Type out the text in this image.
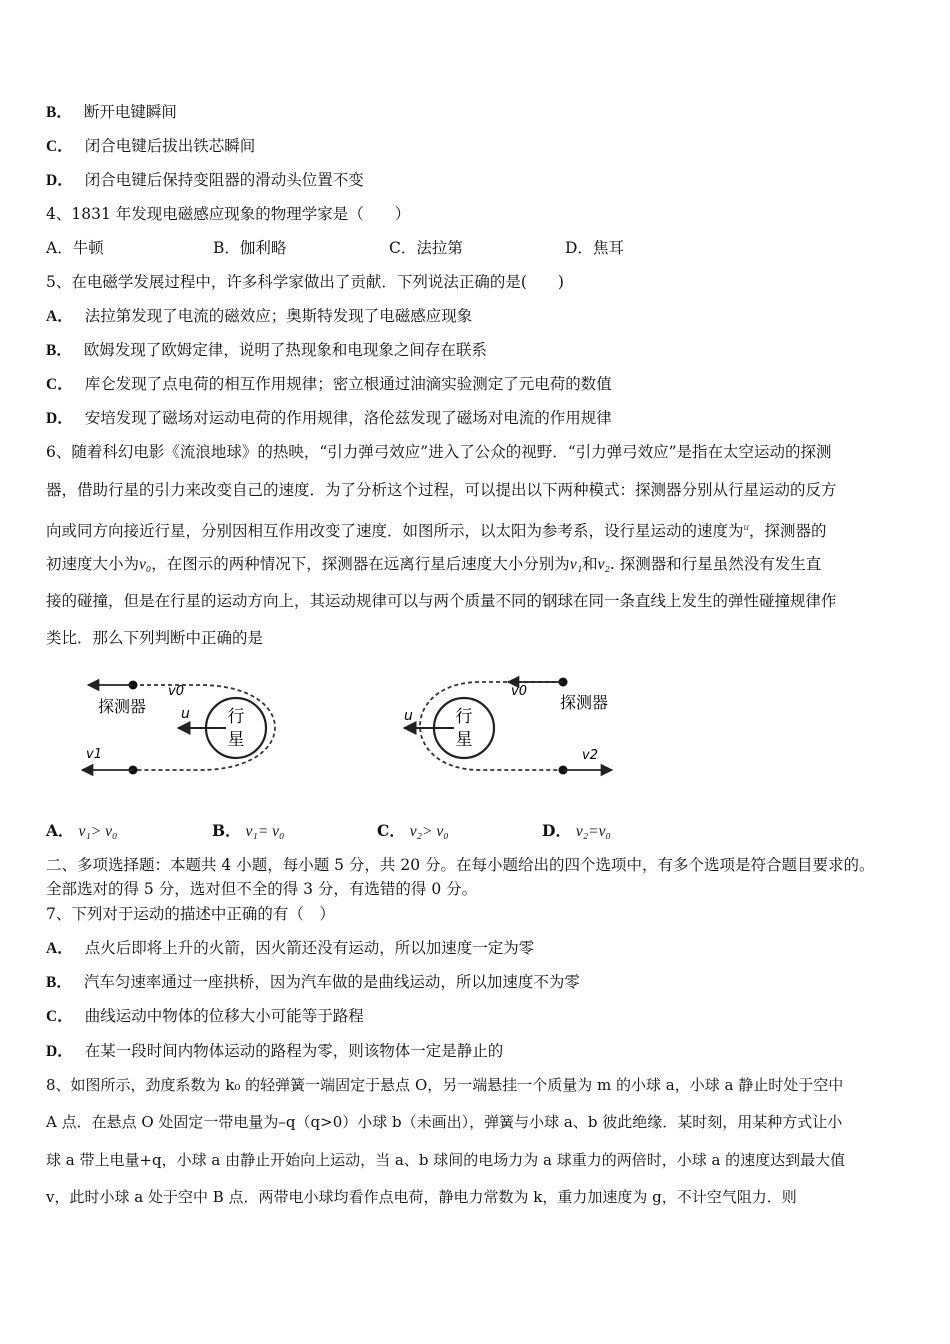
B． 断开电键瞬间
C． 闭合电键后拔出铁芯瞬间
D． 闭合电键后保持变阻器的滑动头位置不变
4、1831 年发现电磁感应现象的物理学家是（　　）
A．牛顿	B．伽利略	C．法拉第	D．焦耳
5、在电磁学发展过程中，许多科学家做出了贡献．下列说法正确的是(　　)
A． 法拉第发现了电流的磁效应；奥斯特发现了电磁感应现象
B． 欧姆发现了欧姆定律，说明了热现象和电现象之间存在联系
C． 库仑发现了点电荷的相互作用规律；密立根通过油滴实验测定了元电荷的数值
D． 安培发现了磁场对运动电荷的作用规律，洛伦兹发现了磁场对电流的作用规律
6、随着科幻电影《流浪地球》的热映，“引力弹弓效应”进入了公众的视野．“引力弹弓效应”是指在太空运动的探测
器，借助行星的引力来改变自己的速度．为了分析这个过程，可以提出以下两种模式：探测器分别从行星运动的反方
向或同方向接近行星，分别因相互作用改变了速度．如图所示，以太阳为参考系，设行星运动的速度为$^u$，探测器的
初速度大小为v₀，在图示的两种情况下，探测器在远离行星后速度大小分别为v₁和v₂. 探测器和行星虽然没有发生直
接的碰撞，但是在行星的运动方向上，其运动规律可以与两个质量不同的钢球在同一条直线上发生的弹性碰撞规律作
类比．那么下列判断中正确的是
行
星
u
v0
探测器
v1
行
星
u
v0
探测器
v2
A． v₁> v₀	B． v₁= v₀	C． v₂> v₀	D． v₂=v₀
二、多项选择题：本题共 4 小题，每小题 5 分，共 20 分。在每小题给出的四个选项中，有多个选项是符合题目要求的。
全部选对的得 5 分，选对但不全的得 3 分，有选错的得 0 分。
7、下列对于运动的描述中正确的有（　）
A． 点火后即将上升的火箭，因火箭还没有运动，所以加速度一定为零
B． 汽车匀速率通过一座拱桥，因为汽车做的是曲线运动，所以加速度不为零
C． 曲线运动中物体的位移大小可能等于路程
D． 在某一段时间内物体运动的路程为零，则该物体一定是静止的
8、如图所示，劲度系数为 k₀ 的轻弹簧一端固定于悬点 O，另一端悬挂一个质量为 m 的小球 a，小球 a 静止时处于空中
A 点．在悬点 O 处固定一带电量为–q（q>0）小球 b（未画出），弹簧与小球 a、b 彼此绝缘．某时刻，用某种方式让小
球 a 带上电量+q，小球 a 由静止开始向上运动，当 a、b 球间的电场力为 a 球重力的两倍时，小球 a 的速度达到最大值
v，此时小球 a 处于空中 B 点．两带电小球均看作点电荷，静电力常数为 k，重力加速度为 g，不计空气阻力．则
